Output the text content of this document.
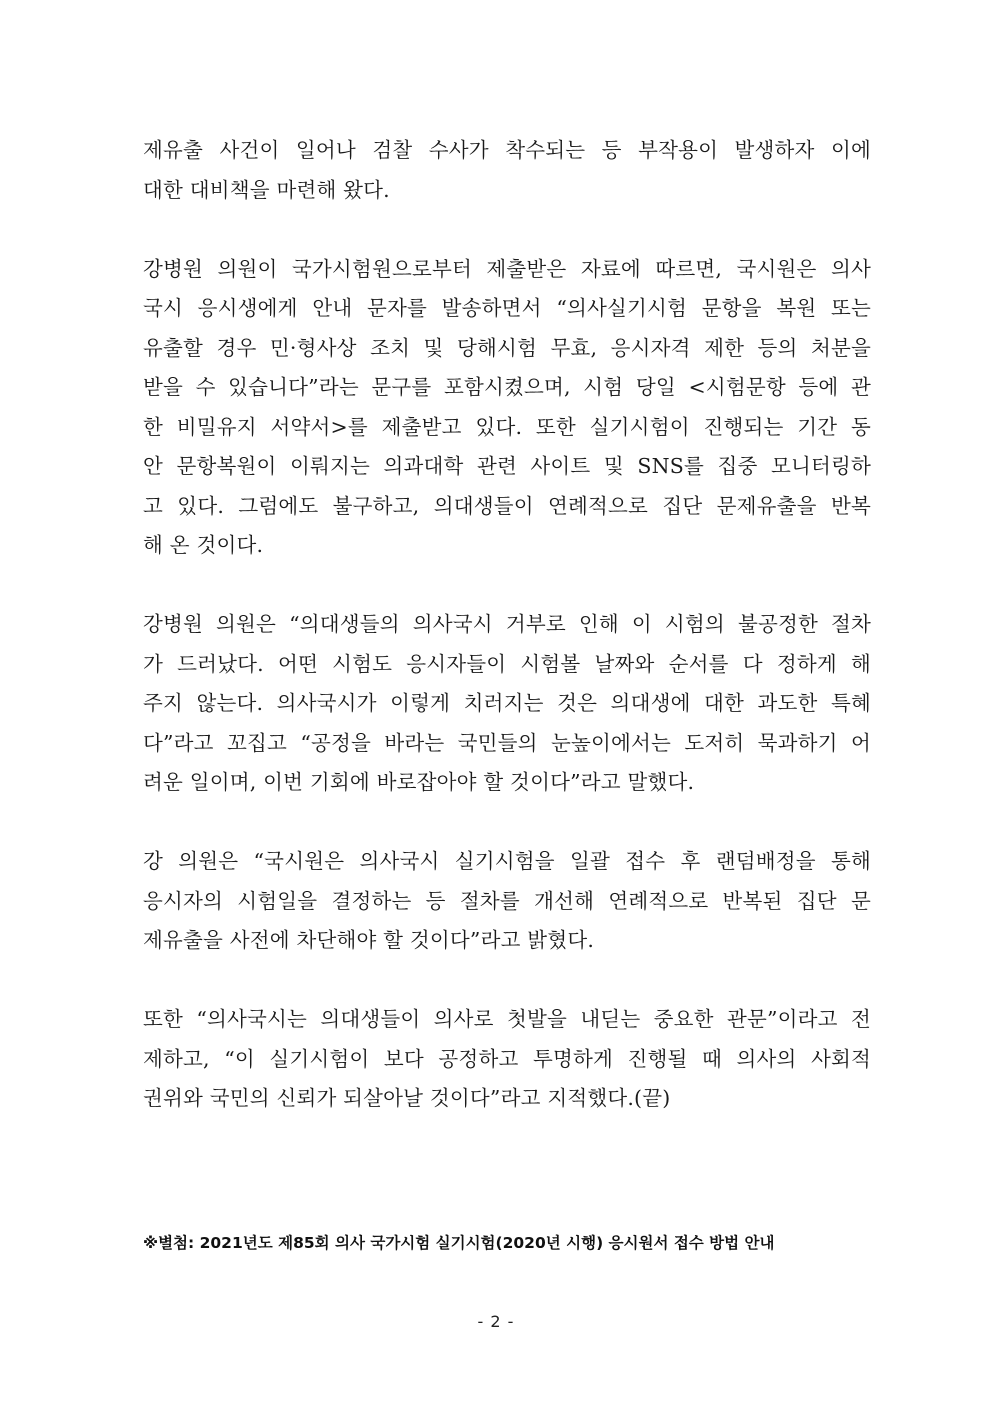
제유출 사건이 일어나 검찰 수사가 착수되는 등 부작용이 발생하자 이에
대한 대비책을 마련해 왔다.
강병원 의원이 국가시험원으로부터 제출받은 자료에 따르면, 국시원은 의사
국시 응시생에게 안내 문자를 발송하면서 “의사실기시험 문항을 복원 또는
유출할 경우 민·형사상 조치 및 당해시험 무효, 응시자격 제한 등의 처분을
받을 수 있습니다”라는 문구를 포함시켰으며, 시험 당일 <시험문항 등에 관
한 비밀유지 서약서>를 제출받고 있다. 또한 실기시험이 진행되는 기간 동
안 문항복원이 이뤄지는 의과대학 관련 사이트 및 SNS를 집중 모니터링하
고 있다. 그럼에도 불구하고, 의대생들이 연례적으로 집단 문제유출을 반복
해 온 것이다.
강병원 의원은 “의대생들의 의사국시 거부로 인해 이 시험의 불공정한 절차
가 드러났다. 어떤 시험도 응시자들이 시험볼 날짜와 순서를 다 정하게 해
주지 않는다. 의사국시가 이렇게 치러지는 것은 의대생에 대한 과도한 특혜
다”라고 꼬집고 “공정을 바라는 국민들의 눈높이에서는 도저히 묵과하기 어
려운 일이며, 이번 기회에 바로잡아야 할 것이다”라고 말했다.
강 의원은 “국시원은 의사국시 실기시험을 일괄 접수 후 랜덤배정을 통해
응시자의 시험일을 결정하는 등 절차를 개선해 연례적으로 반복된 집단 문
제유출을 사전에 차단해야 할 것이다”라고 밝혔다.
또한 “의사국시는 의대생들이 의사로 첫발을 내딛는 중요한 관문”이라고 전
제하고, “이 실기시험이 보다 공정하고 투명하게 진행될 때 의사의 사회적
권위와 국민의 신뢰가 되살아날 것이다”라고 지적했다.(끝)
※별첨: 2021년도 제85회 의사 국가시험 실기시험(2020년 시행) 응시원서 접수 방법 안내
- 2 -
